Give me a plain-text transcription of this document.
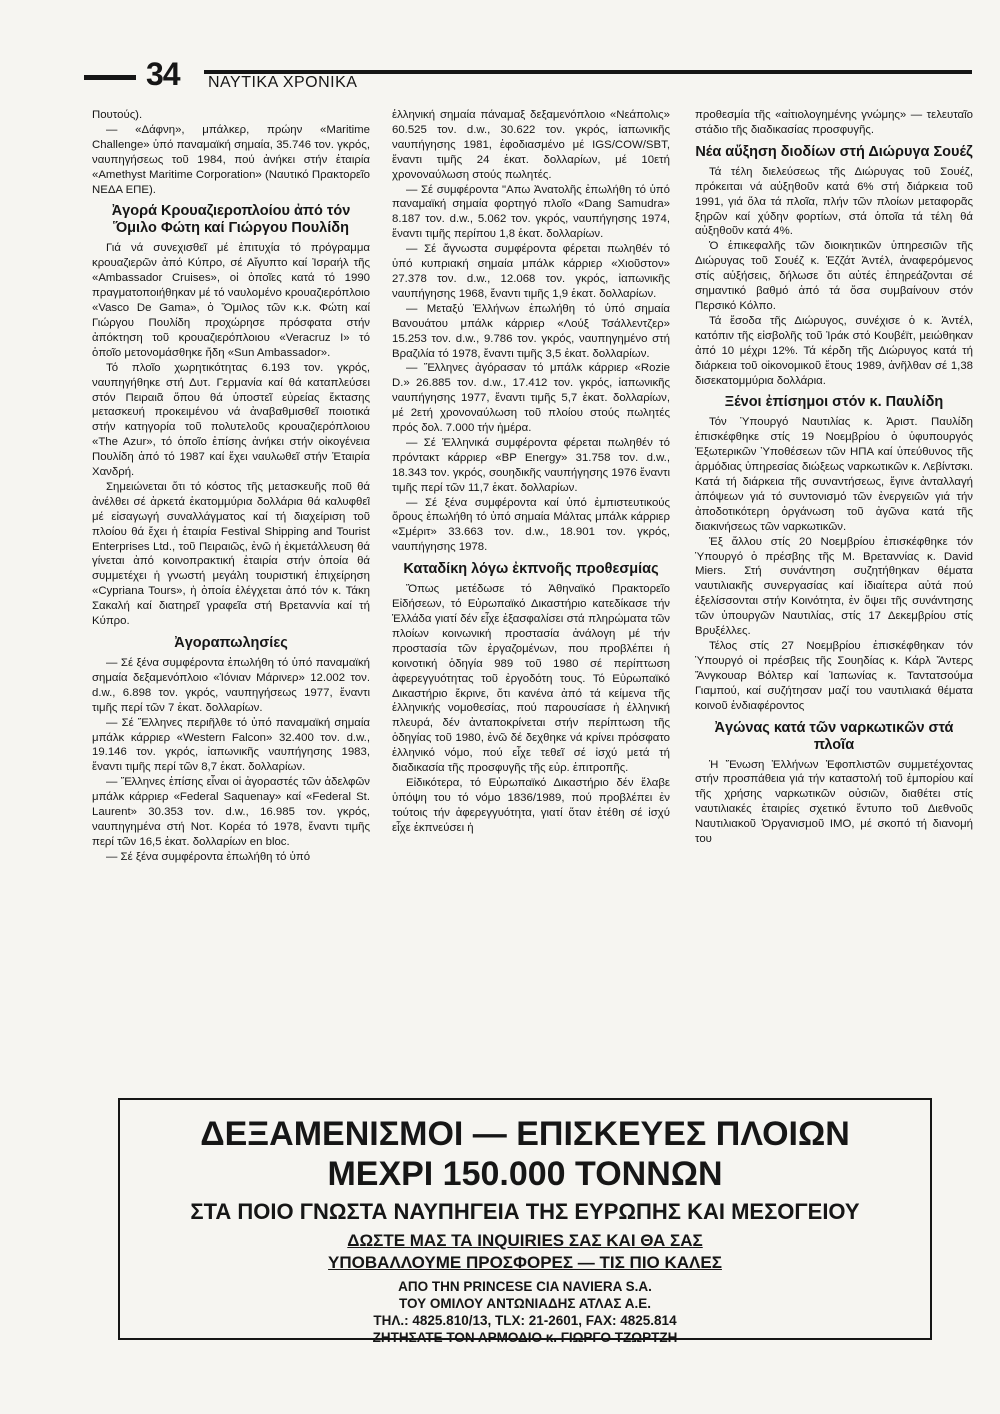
34 ΝΑΥΤΙΚΑ ΧΡΟΝΙΚΑ

Πουτούς).

— «Δάφνη», μπάλκερ, πρώην «Maritime Challenge» ὑπό παναμαϊκή σημαία, 35.746 τον. γκρός, ναυπηγήσεως τοῦ 1984, πού ἀνήκει στήν ἑταιρία «Amethyst Maritime Corporation» (Ναυτικό Πρακτορεῖο ΝΕΔΑ ΕΠΕ).

Ἀγορά Κρουαζιεροπλοίου ἀπό τόν Ὅμιλο Φώτη καί Γιώργου Πουλίδη

Γιά νά συνεχισθεῖ μέ ἐπιτυχία τό πρόγραμμα κρουαζιερῶν ἀπό Κύπρο, σέ Αἴγυπτο καί Ἰσραήλ τῆς «Ambassador Cruises», οἱ ὁποῖες κατά τό 1990 πραγματοποιήθηκαν μέ τό ναυλομένο κρουαζιερόπλοιο «Vasco De Gama», ὁ Ὅμιλος τῶν κ.κ. Φώτη καί Γιώργου Πουλίδη προχώρησε πρόσφατα στήν ἀπόκτηση τοῦ κρουαζιερόπλοιου «Veracruz I» τό ὁποῖο μετονομάσθηκε ἤδη «Sun Ambassador».

Τό πλοῖο χωρητικότητας 6.193 τον. γκρός, ναυπηγήθηκε στή Δυτ. Γερμανία καί θά καταπλεύσει στόν Πειραιᾶ ὅπου θά ὑποστεῖ εὐρείας ἔκτασης μετασκευή προκειμένου νά ἀναβαθμισθεῖ ποιοτικά στήν κατηγορία τοῦ πολυτελοῦς κρουαζιερόπλοιου «The Azur», τό ὁποῖο ἐπίσης ἀνήκει στήν οἰκογένεια Πουλίδη ἀπό τό 1987 καί ἔχει ναυλωθεῖ στήν Ἑταιρία Χανδρή.

Σημειώνεται ὅτι τό κόστος τῆς μετασκευῆς ποῦ θά ἀνέλθει σέ ἀρκετά ἑκατομμύρια δολλάρια θά καλυφθεῖ μέ εἰσαγωγή συναλλάγματος καί τή διαχείριση τοῦ πλοίου θά ἔχει ἡ ἑταιρία Festival Shipping and Tourist Enterprises Ltd., τοῦ Πειραιῶς, ἐνῶ ἡ ἐκμετάλλευση θά γίνεται ἀπό κοινοπρακτική ἑταιρία στήν ὁποία θά συμμετέχει ἡ γνωστή μεγάλη τουριστική ἐπιχείρηση «Cypriana Tours», ἡ ὁποία ἐλέγχεται ἀπό τόν κ. Τάκη Σακαλή καί διατηρεῖ γραφεῖα στή Βρεταννία καί τή Κύπρο.

Ἀγοραπωλησίες

— Σέ ξένα συμφέροντα ἐπωλήθη τό ὑπό παναμαϊκή σημαία δεξαμενόπλοιο «Ἰόνιαν Μάρινερ» 12.002 τον. d.w., 6.898 τον. γκρός, ναυπηγήσεως 1977, ἔναντι τιμῆς περί τῶν 7 ἑκατ. δολλαρίων.

— Σέ Ἕλληνες περιῆλθε τό ὑπό παναμαϊκή σημαία μπάλκ κάρριερ «Western Falcon» 32.400 τον. d.w., 19.146 τον. γκρός, ἰαπωνικῆς ναυπήγησης 1983, ἔναντι τιμῆς περί τῶν 8,7 ἑκατ. δολλαρίων.

— Ἕλληνες ἐπίσης εἶναι οἱ ἀγοραστές τῶν ἀδελφῶν μπάλκ κάρριερ «Federal Saquenay» καί «Federal St. Laurent» 30.353 τον. d.w., 16.985 τον. γκρός, ναυπηγημένα στή Νοτ. Κορέα τό 1978, ἔναντι τιμῆς περί τῶν 16,5 ἑκατ. δολλαρίων en bloc.

— Σέ ξένα συμφέροντα ἐπωλήθη τό ὑπό

ἑλληνική σημαία πάναμαξ δεξαμενόπλοιο «Νεάπολις» 60.525 τον. d.w., 30.622 τον. γκρός, ἰαπωνικῆς ναυπήγησης 1981, ἐφοδιασμένο μέ IGS/COW/SBT, ἔναντι τιμῆς 24 ἑκατ. δολλαρίων, μέ 10ετή χρονοναύλωση στούς πωλητές.

— Σέ συμφέροντα "Απω Ἀνατολῆς ἐπωλήθη τό ὑπό παναμαϊκή σημαία φορτηγό πλοῖο «Dang Samudra» 8.187 τον. d.w., 5.062 τον. γκρός, ναυπήγησης 1974, ἔναντι τιμῆς περίπου 1,8 ἑκατ. δολλαρίων.

— Σέ ἄγνωστα συμφέροντα φέρεται πωληθέν τό ὑπό κυπριακή σημαία μπάλκ κάρριερ «Χιοῦστον» 27.378 τον. d.w., 12.068 τον. γκρός, ἰαπωνικῆς ναυπήγησης 1968, ἔναντι τιμῆς 1,9 ἑκατ. δολλαρίων.

— Μεταξύ Ἑλλήνων ἐπωλήθη τό ὑπό σημαία Βανουάτου μπάλκ κάρριερ «Λούξ Τσάλλεντζερ» 15.253 τον. d.w., 9.786 τον. γκρός, ναυπηγημένο στή Βραζιλία τό 1978, ἔναντι τιμῆς 3,5 ἑκατ. δολλαρίων.

— Ἕλληνες ἀγόρασαν τό μπάλκ κάρριερ «Rozie D.» 26.885 τον. d.w., 17.412 τον. γκρός, ἰαπωνικῆς ναυπήγησης 1977, ἔναντι τιμῆς 5,7 ἑκατ. δολλαρίων, μέ 2ετή χρονοναύλωση τοῦ πλοίου στούς πωλητές πρός δολ. 7.000 τήν ἡμέρα.

— Σέ Ἑλληνικά συμφέροντα φέρεται πωληθέν τό πρόντακτ κάρριερ «BP Energy» 31.758 τον. d.w., 18.343 τον. γκρός, σουηδικῆς ναυπήγησης 1976 ἔναντι τιμῆς περί τῶν 11,7 ἑκατ. δολλαρίων.

— Σέ ξένα συμφέροντα καί ὑπό ἐμπιστευτικούς ὅρους ἐπωλήθη τό ὑπό σημαία Μάλτας μπάλκ κάρριερ «Σμέριτ» 33.663 τον. d.w., 18.901 τον. γκρός, ναυπήγησης 1978.

Καταδίκη λόγω ἐκπνοῆς προθεσμίας

Ὅπως μετέδωσε τό Ἀθηναϊκό Πρακτορεῖο Εἰδήσεων, τό Εὐρωπαϊκό Δικαστήριο κατεδίκασε τήν Ἑλλάδα γιατί δέν εἶχε ἐξασφαλίσει στά πληρώματα τῶν πλοίων κοινωνική προστασία ἀνάλογη μέ τήν προστασία τῶν ἐργαζομένων, που προβλέπει ἡ κοινοτική ὁδηγία 989 τοῦ 1980 σέ περίπτωση ἀφερεγγυότητας τοῦ ἐργοδότη τους. Τό Εὐρωπαϊκό Δικαστήριο ἔκρινε, ὅτι κανένα ἀπό τά κείμενα τῆς ἑλληνικής νομοθεσίας, πού παρουσίασε ἡ ἑλληνική πλευρά, δέν ἀνταποκρίνεται στήν περίπτωση τῆς ὁδηγίας τοῦ 1980, ἐνῶ δέ δεχθηκε νά κρίνει πρόσφατο ἑλληνικό νόμο, πού εἶχε τεθεῖ σέ ἰσχύ μετά τή διαδικασία τῆς προσφυγῆς τῆς εὐρ. ἐπιτροπῆς.

Εἰδικότερα, τό Εὐρωπαϊκό Δικαστήριο δέν ἔλαβε ὑπόψη του τό νόμο 1836/1989, πού προβλέπει ἐν τούτοις τήν ἀφερεγγυότητα, γιατί ὅταν ἐτέθη σέ ἰσχύ εἶχε ἐκπνεύσει ἡ

προθεσμία τῆς «αἰτιολογημένης γνώμης» — τελευταῖο στάδιο τῆς διαδικασίας προσφυγῆς.

Νέα αὔξηση διοδίων στή Διώρυγα Σουέζ

Τά τέλη διελεύσεως τῆς Διώρυγας τοῦ Σουέζ, πρόκειται νά αὐξηθοῦν κατά 6% στή διάρκεια τοῦ 1991, γιά ὅλα τά πλοῖα, πλήν τῶν πλοίων μεταφορᾶς ξηρῶν καί χύδην φορτίων, στά ὁποῖα τά τέλη θά αὐξηθοῦν κατά 4%.

Ὁ ἐπικεφαλῆς τῶν διοικητικῶν ὑπηρεσιῶν τῆς Διώρυγας τοῦ Σουέζ κ. Ἐζζάτ Ἀντέλ, ἀναφερόμενος στίς αὐξήσεις, δήλωσε ὅτι αὐτές ἐπηρεάζονται σέ σημαντικό βαθμό ἀπό τά ὅσα συμβαίνουν στόν Περσικό Κόλπο.

Τά ἔσοδα τῆς Διώρυγος, συνέχισε ὁ κ. Ἀντέλ, κατόπιν τῆς εἰσβολῆς τοῦ Ἰράκ στό Κουβέϊτ, μειώθηκαν ἀπό 10 μέχρι 12%. Τά κέρδη τῆς Διώρυγος κατά τή διάρκεια τοῦ οἰκονομικοῦ ἔτους 1989, ἀνῆλθαν σέ 1,38 δισεκατομμύρια δολλάρια.

Ξένοι ἐπίσημοι στόν κ. Παυλίδη

Τόν Ὑπουργό Ναυτιλίας κ. Ἀριστ. Παυλίδη ἐπισκέφθηκε στίς 19 Νοεμβρίου ὁ ὑφυπουργός Ἐξωτερικῶν Ὑποθέσεων τῶν ΗΠΑ καί ὑπεύθυνος τῆς ἁρμόδιας ὑπηρεσίας διώξεως ναρκωτικῶν κ. Λεβίντσκι. Κατά τή διάρκεια τῆς συναντήσεως, ἔγινε ἀνταλλαγή ἀπόψεων γιά τό συντονισμό τῶν ἐνεργειῶν γιά τήν ἀποδοτικότερη ὀργάνωση τοῦ ἀγῶνα κατά τῆς διακινήσεως τῶν ναρκωτικῶν.

Ἐξ ἄλλου στίς 20 Νοεμβρίου ἐπισκέφθηκε τόν Ὑπουργό ὁ πρέσβης τῆς Μ. Βρεταννίας κ. David Miers. Στή συνάντηση συζητήθηκαν θέματα ναυτιλιακῆς συνεργασίας καί ἰδιαίτερα αὐτά πού ἐξελίσσονται στήν Κοινότητα, ἐν ὄψει τῆς συνάντησης τῶν ὑπουργῶν Ναυτιλίας, στίς 17 Δεκεμβρίου στίς Βρυξέλλες.

Τέλος στίς 27 Νοεμβρίου ἐπισκέφθηκαν τόν Ὑπουργό οἱ πρέσβεις τῆς Σουηδίας κ. Κάρλ Ἄντερς Ἄνγκουαρ Βόλτερ καί Ἰαπωνίας κ. Ταντατσούμα Γιαμπού, καί συζήτησαν μαζί του ναυτιλιακά θέματα κοινοῦ ἐνδιαφέροντος

Ἀγώνας κατά τῶν ναρκωτικῶν στά πλοῖα

Ἡ Ἕνωση Ἑλλήνων Ἐφοπλιστῶν συμμετέχοντας στήν προσπάθεια γιά τήν καταστολή τοῦ ἐμπορίου καί τῆς χρήσης ναρκωτικῶν οὐσιῶν, διαθέτει στίς ναυτιλιακές ἑταιρίες σχετικό ἔντυπο τοῦ Διεθνοῦς Ναυτιλιακοῦ Ὀργανισμοῦ IMO, μέ σκοπό τή διανομή του

ΔΕΞΑΜΕΝΙΣΜΟΙ — ΕΠΙΣΚΕΥΕΣ ΠΛΟΙΩΝ
ΜΕΧΡΙ 150.000 ΤΟΝΝΩΝ
ΣΤΑ ΠΟΙΟ ΓΝΩΣΤΑ ΝΑΥΠΗΓΕΙΑ ΤΗΣ ΕΥΡΩΠΗΣ ΚΑΙ ΜΕΣΟΓΕΙΟΥ
ΔΩΣΤΕ ΜΑΣ ΤΑ INQUIRIES ΣΑΣ ΚΑΙ ΘΑ ΣΑΣ
ΥΠΟΒΑΛΛΟΥΜΕ ΠΡΟΣΦΟΡΕΣ — ΤΙΣ ΠΙΟ ΚΑΛΕΣ
ΑΠΟ ΤΗΝ PRINCESE CIA NAVIERA S.A.
ΤΟΥ ΟΜΙΛΟΥ ΑΝΤΩΝΙΑΔΗΣ ΑΤΛΑΣ Α.Ε.
ΤΗΛ.: 4825.810/13, TLX: 21-2601, FAX: 4825.814
ΖΗΤΗΣΑΤΕ ΤΟΝ ΑΡΜΟΔΙΟ κ. ΓΙΩΡΓΟ ΤΖΩΡΤΖΗ
